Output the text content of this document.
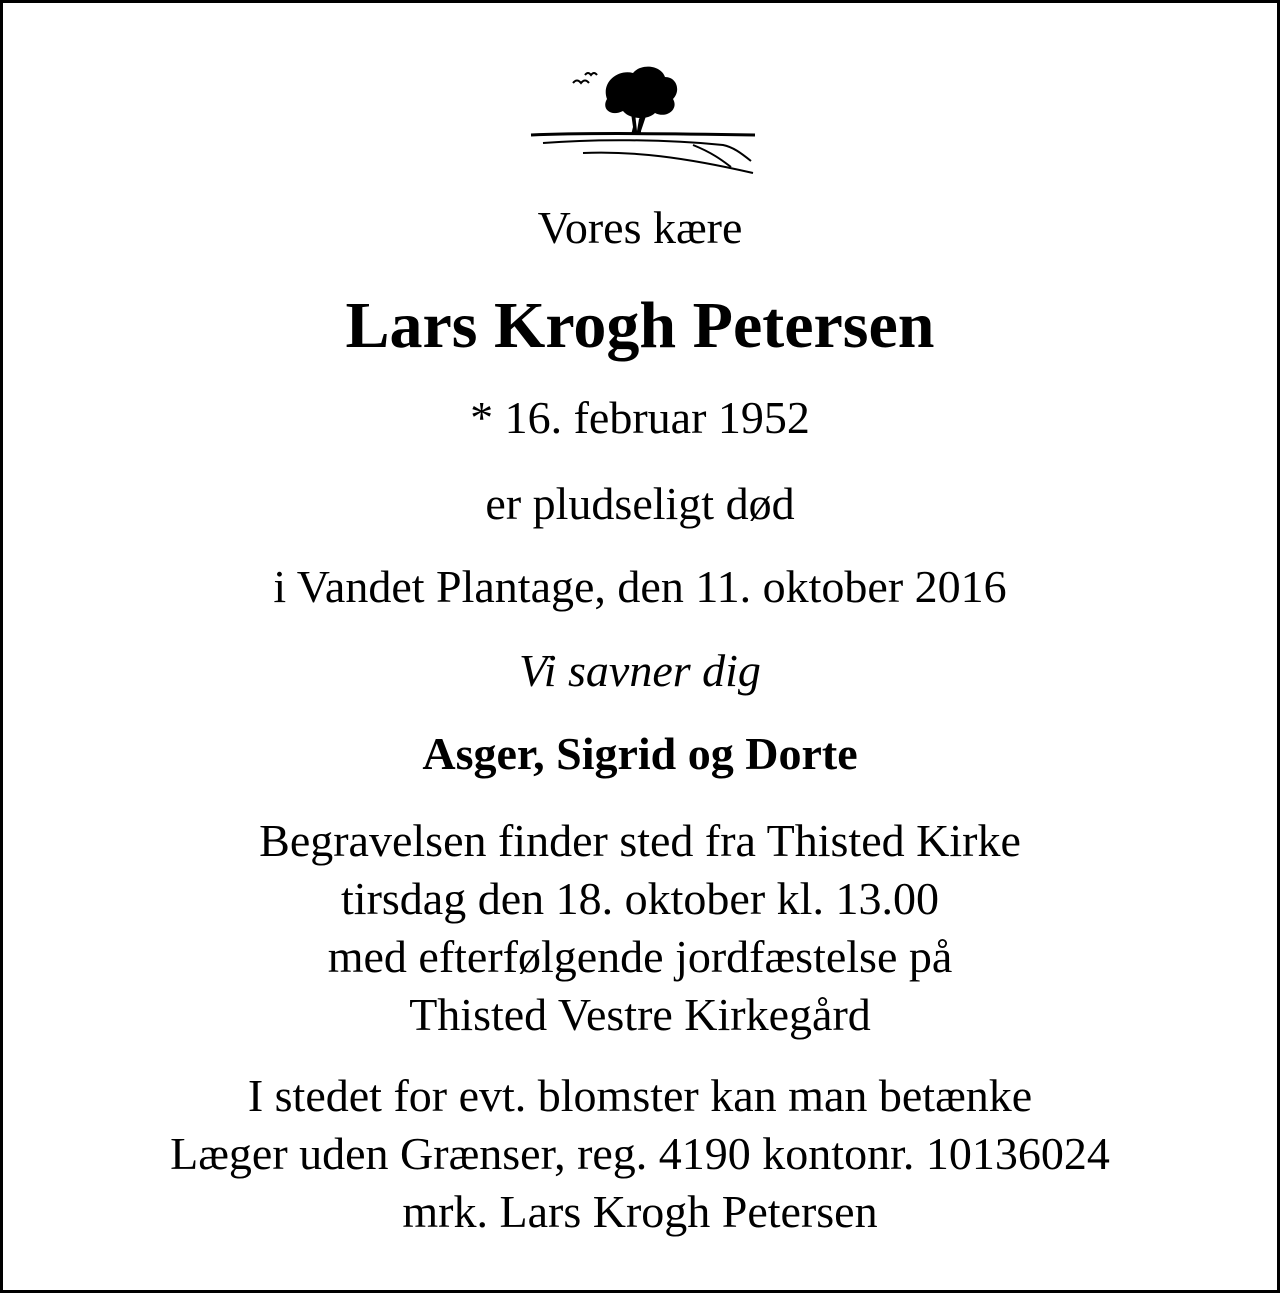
Vores kære
Lars Krogh Petersen
* 16. februar 1952
er pludseligt død
i Vandet Plantage, den 11. oktober 2016
Vi savner dig
Asger, Sigrid og Dorte
Begravelsen finder sted fra Thisted Kirke
tirsdag den 18. oktober kl. 13.00
med efterfølgende jordfæstelse på
Thisted Vestre Kirkegård
I stedet for evt. blomster kan man betænke
Læger uden Grænser, reg. 4190 kontonr. 10136024
mrk. Lars Krogh Petersen
